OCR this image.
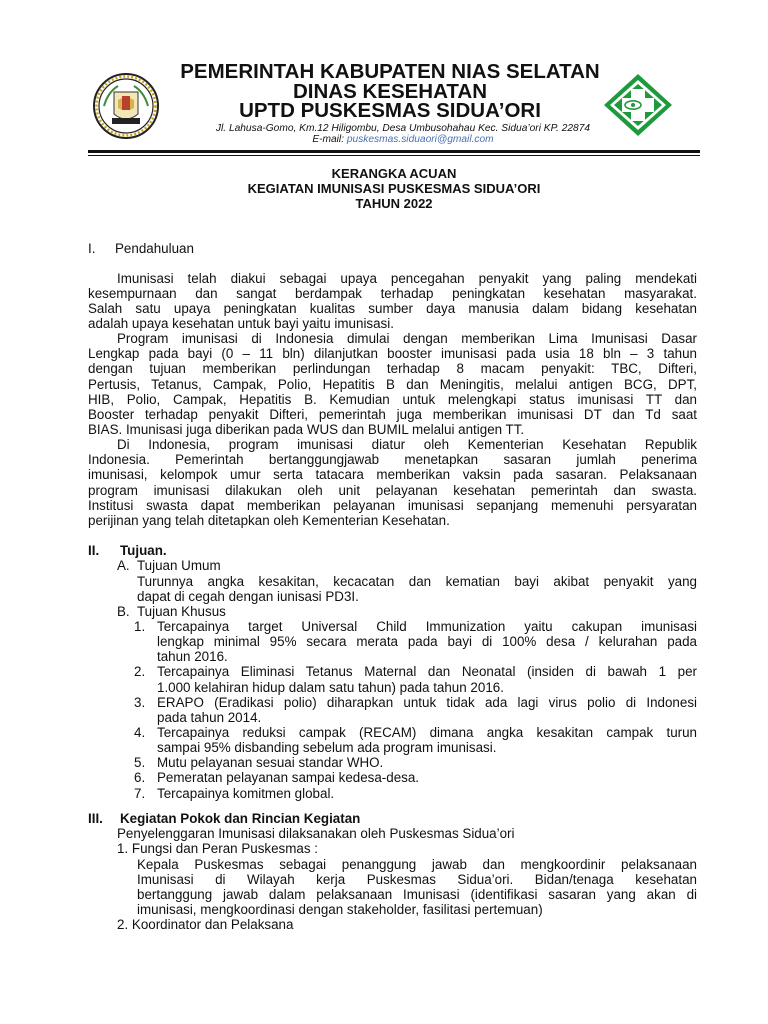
PEMERINTAH KABUPATEN NIAS SELATAN
DINAS KESEHATAN
UPTD PUSKESMAS SIDUA’ORI
Jl. Lahusa-Gomo, Km.12 Hiligombu, Desa Umbusohahau Kec. Sidua’ori KP. 22874
E-mail: puskesmas.siduaori@gmail.com
KERANGKA ACUAN
KEGIATAN IMUNISASI PUSKESMAS SIDUA’ORI
TAHUN 2022
I. Pendahuluan
Imunisasi telah diakui sebagai upaya pencegahan penyakit yang paling mendekati
kesempurnaan dan sangat berdampak terhadap peningkatan kesehatan masyarakat.
Salah satu upaya peningkatan kualitas sumber daya manusia dalam bidang kesehatan
adalah upaya kesehatan untuk bayi yaitu imunisasi.
Program imunisasi di Indonesia dimulai dengan memberikan Lima Imunisasi Dasar
Lengkap pada bayi (0 – 11 bln) dilanjutkan booster imunisasi pada usia 18 bln – 3 tahun
dengan tujuan memberikan perlindungan terhadap 8 macam penyakit: TBC, Difteri,
Pertusis, Tetanus, Campak, Polio, Hepatitis B dan Meningitis, melalui antigen BCG, DPT,
HIB, Polio, Campak, Hepatitis B. Kemudian untuk melengkapi status imunisasi TT dan
Booster terhadap penyakit Difteri, pemerintah juga memberikan imunisasi DT dan Td saat
BIAS. Imunisasi juga diberikan pada WUS dan BUMIL melalui antigen TT.
Di Indonesia, program imunisasi diatur oleh Kementerian Kesehatan Republik
Indonesia. Pemerintah bertanggungjawab menetapkan sasaran jumlah penerima
imunisasi, kelompok umur serta tatacara memberikan vaksin pada sasaran. Pelaksanaan
program imunisasi dilakukan oleh unit pelayanan kesehatan pemerintah dan swasta.
Institusi swasta dapat memberikan pelayanan imunisasi sepanjang memenuhi persyaratan
perijinan yang telah ditetapkan oleh Kementerian Kesehatan.
II. Tujuan.
A. Tujuan Umum
Turunnya angka kesakitan, kecacatan dan kematian bayi akibat penyakit yang
dapat di cegah dengan iunisasi PD3I.
B. Tujuan Khusus
1. Tercapainya target Universal Child Immunization yaitu cakupan imunisasi
lengkap minimal 95% secara merata pada bayi di 100% desa / kelurahan pada
tahun 2016.
2. Tercapainya Eliminasi Tetanus Maternal dan Neonatal (insiden di bawah 1 per
1.000 kelahiran hidup dalam satu tahun) pada tahun 2016.
3. ERAPO (Eradikasi polio) diharapkan untuk tidak ada lagi virus polio di Indonesi
pada tahun 2014.
4. Tercapainya reduksi campak (RECAM) dimana angka kesakitan campak turun
sampai 95% disbanding sebelum ada program imunisasi.
5. Mutu pelayanan sesuai standar WHO.
6. Pemeratan pelayanan sampai kedesa-desa.
7. Tercapainya komitmen global.
III. Kegiatan Pokok dan Rincian Kegiatan
Penyelenggaran Imunisasi dilaksanakan oleh Puskesmas Sidua’ori
1. Fungsi dan Peran Puskesmas :
Kepala Puskesmas sebagai penanggung jawab dan mengkoordinir pelaksanaan
Imunisasi di Wilayah kerja Puskesmas Sidua’ori. Bidan/tenaga kesehatan
bertanggung jawab dalam pelaksanaan Imunisasi (identifikasi sasaran yang akan di
imunisasi, mengkoordinasi dengan stakeholder, fasilitasi pertemuan)
2. Koordinator dan Pelaksana
